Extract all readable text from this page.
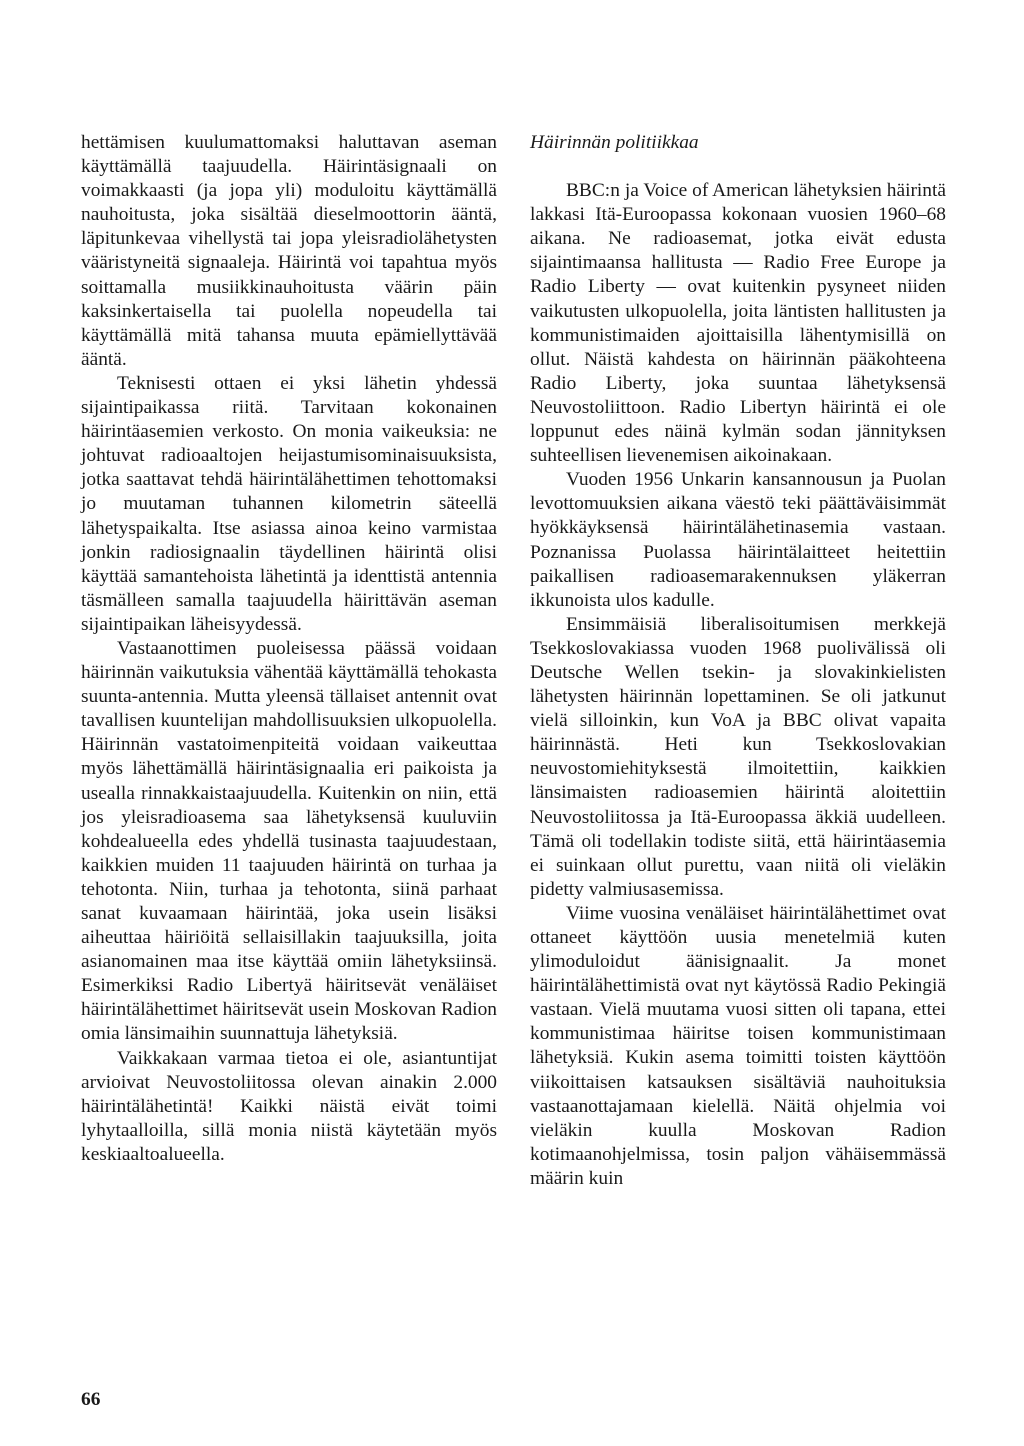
hettämisen kuulumattomaksi haluttavan aseman käyttämällä taajuudella. Häirintäsignaali on voimakkaasti (ja jopa yli) moduloitu käyttämällä nauhoitusta, joka sisältää dieselmoottorin ääntä, läpitunkevaa vihellystä tai jopa yleisradiolähetysten vääristyneitä signaaleja. Häirintä voi tapahtua myös soittamalla musiikkinauhoitusta väärin päin kaksinkertaisella tai puolella nopeudella tai käyttämällä mitä tahansa muuta epämiellyttävää ääntä.

Teknisesti ottaen ei yksi lähetin yhdessä sijaintipaikassa riitä. Tarvitaan kokonainen häirintäasemien verkosto. On monia vaikeuksia: ne johtuvat radioaaltojen heijastumisominaisuuksista, jotka saattavat tehdä häirintälähettimen tehottomaksi jo muutaman tuhannen kilometrin säteellä lähetyspaikalta. Itse asiassa ainoa keino varmistaa jonkin radiosignaalin täydellinen häirintä olisi käyttää samantehoista lähetintä ja identtistä antennia täsmälleen samalla taajuudella häirittävän aseman sijaintipaikan läheisyydessä.

Vastaanottimen puoleisessa päässä voidaan häirinnän vaikutuksia vähentää käyttämällä tehokasta suunta-antennia. Mutta yleensä tällaiset antennit ovat tavallisen kuuntelijan mahdollisuuksien ulkopuolella. Häirinnän vastatoimenpiteitä voidaan vaikeuttaa myös lähettämällä häirintäsignaalia eri paikoista ja usealla rinnakkaistaajuudella. Kuitenkin on niin, että jos yleisradioasema saa lähetyksensä kuuluviin kohdealueella edes yhdellä tusinasta taajuudestaan, kaikkien muiden 11 taajuuden häirintä on turhaa ja tehotonta. Niin, turhaa ja tehotonta, siinä parhaat sanat kuvaamaan häirintää, joka usein lisäksi aiheuttaa häiriöitä sellaisillakin taajuuksilla, joita asianomainen maa itse käyttää omiin lähetyksiinsä. Esimerkiksi Radio Libertyä häiritsevät venäläiset häirintälähettimet häiritsevät usein Moskovan Radion omia länsimaihin suunnattuja lähetyksiä.

Vaikkakaan varmaa tietoa ei ole, asiantuntijat arvioivat Neuvostoliitossa olevan ainakin 2.000 häirintälähetintä! Kaikki näistä eivät toimi lyhytaalloilla, sillä monia niistä käytetään myös keskiaaltoalueella.

Häirinnän politiikkaa

BBC:n ja Voice of American lähetyksien häirintä lakkasi Itä-Euroopassa kokonaan vuosien 1960–68 aikana. Ne radioasemat, jotka eivät edusta sijaintimaansa hallitusta — Radio Free Europe ja Radio Liberty — ovat kuitenkin pysyneet niiden vaikutusten ulkopuolella, joita läntisten hallitusten ja kommunistimaiden ajoittaisilla lähentymisillä on ollut. Näistä kahdesta on häirinnän pääkohteena Radio Liberty, joka suuntaa lähetyksensä Neuvostoliittoon. Radio Libertyn häirintä ei ole loppunut edes näinä kylmän sodan jännityksen suhteellisen lievenemisen aikoinakaan.

Vuoden 1956 Unkarin kansannousun ja Puolan levottomuuksien aikana väestö teki päättäväisimmät hyökkäyksensä häirintälähetinasemia vastaan. Poznanissa Puolassa häirintälaitteet heitettiin paikallisen radioasemarakennuksen yläkerran ikkunoista ulos kadulle.

Ensimmäisiä liberalisoitumisen merkkejä Tsekkoslovakiassa vuoden 1968 puolivälissä oli Deutsche Wellen tsekin- ja slovakinkielisten lähetysten häirinnän lopettaminen. Se oli jatkunut vielä silloinkin, kun VoA ja BBC olivat vapaita häirinnästä. Heti kun Tsekkoslovakian neuvostomiehityksestä ilmoitettiin, kaikkien länsimaisten radioasemien häirintä aloitettiin Neuvostoliitossa ja Itä-Euroopassa äkkiä uudelleen. Tämä oli todellakin todiste siitä, että häirintäasemia ei suinkaan ollut purettu, vaan niitä oli vieläkin pidetty valmiusasemissa.

Viime vuosina venäläiset häirintälähettimet ovat ottaneet käyttöön uusia menetelmiä kuten ylimoduloidut äänisignaalit. Ja monet häirintälähettimistä ovat nyt käytössä Radio Pekingiä vastaan. Vielä muutama vuosi sitten oli tapana, ettei kommunistimaa häiritse toisen kommunistimaan lähetyksiä. Kukin asema toimitti toisten käyttöön viikoittaisen katsauksen sisältäviä nauhoituksia vastaanottajamaan kielellä. Näitä ohjelmia voi vieläkin kuulla Moskovan Radion kotimaanohjelmissa, tosin paljon vähäisemmässä määrin kuin

66
